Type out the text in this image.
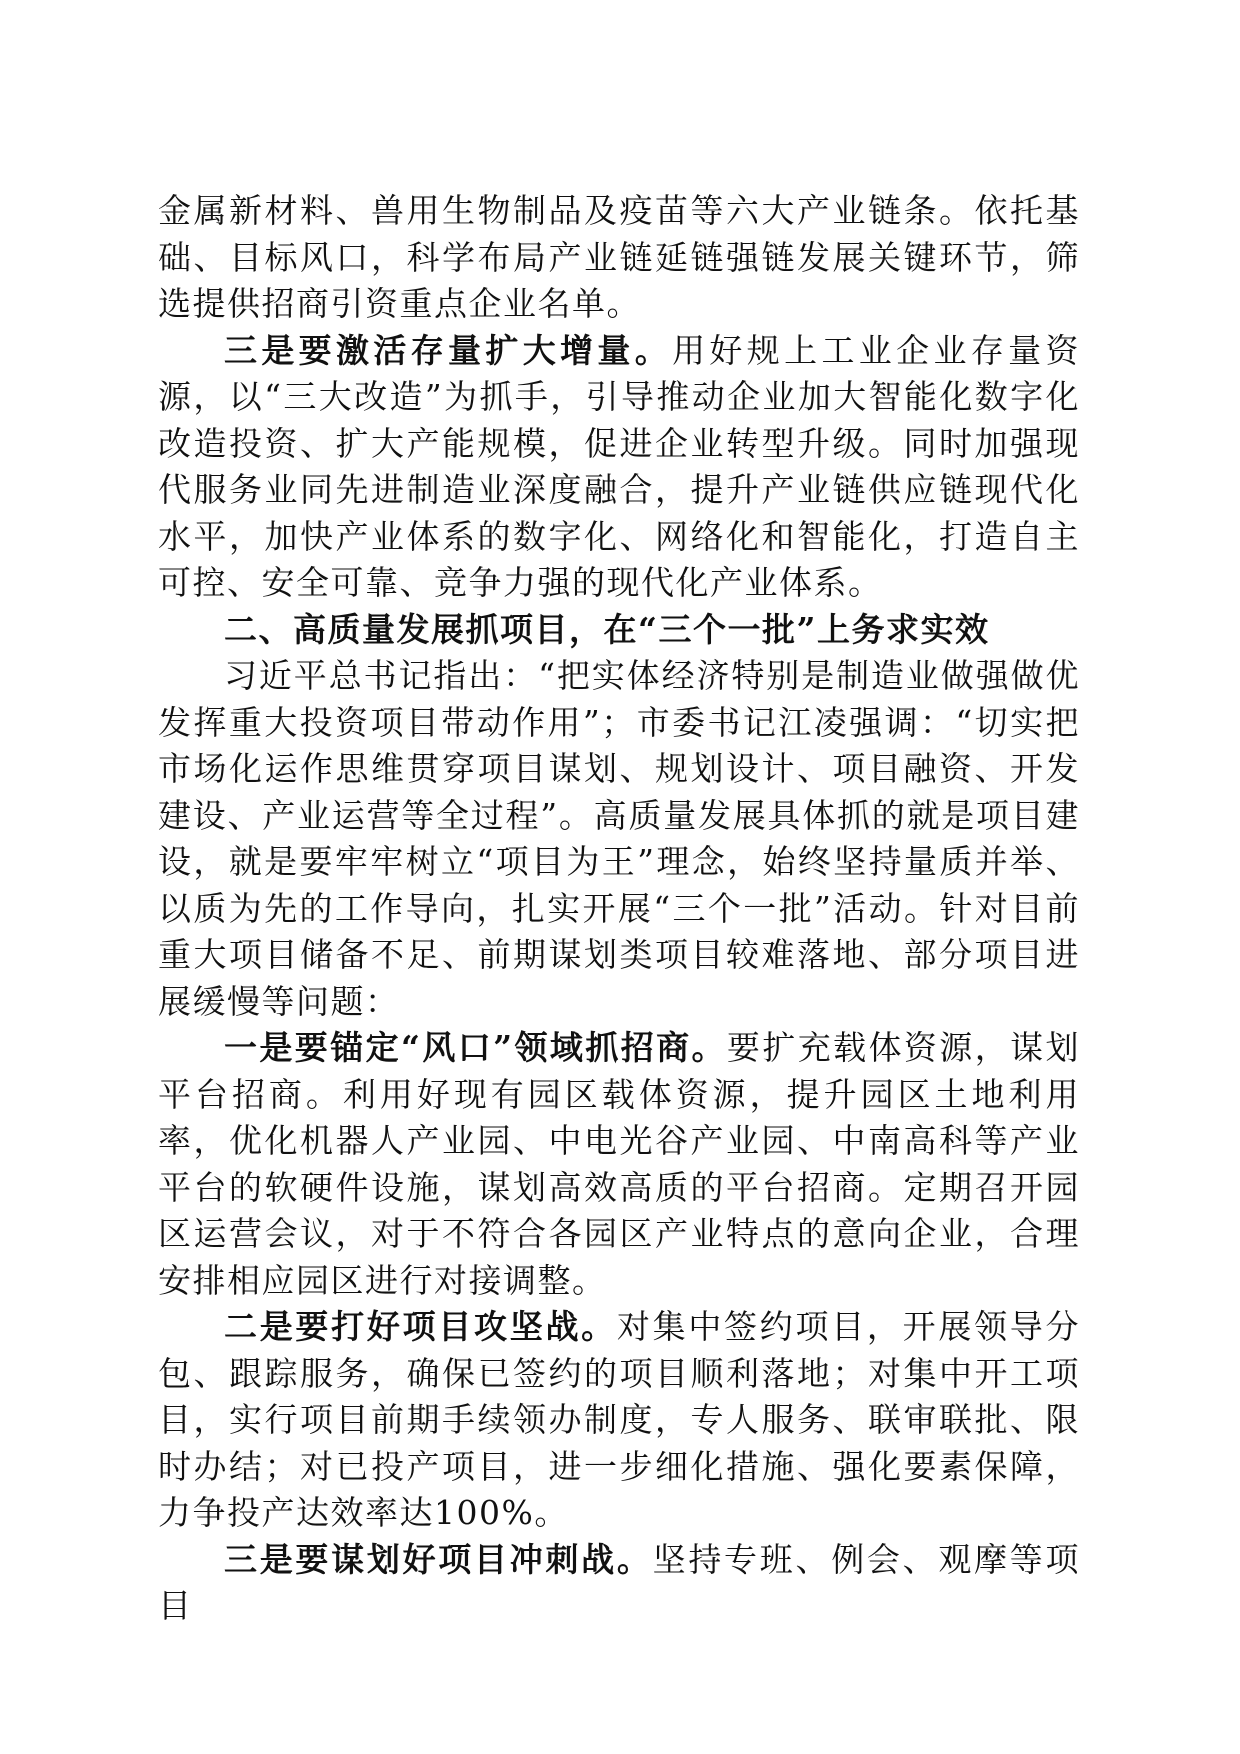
金属新材料、兽用生物制品及疫苗等六大产业链条。依托基础、目标风口，科学布局产业链延链强链发展关键环节，筛选提供招商引资重点企业名单。

三是要激活存量扩大增量。用好规上工业企业存量资源，以“三大改造”为抓手，引导推动企业加大智能化数字化改造投资、扩大产能规模，促进企业转型升级。同时加强现代服务业同先进制造业深度融合，提升产业链供应链现代化水平，加快产业体系的数字化、网络化和智能化，打造自主可控、安全可靠、竞争力强的现代化产业体系。

二、高质量发展抓项目，在“三个一批”上务求实效

习近平总书记指出：“把实体经济特别是制造业做强做优发挥重大投资项目带动作用”；市委书记江凌强调：“切实把市场化运作思维贯穿项目谋划、规划设计、项目融资、开发建设、产业运营等全过程”。高质量发展具体抓的就是项目建设，就是要牢牢树立“项目为王”理念，始终坚持量质并举、以质为先的工作导向，扎实开展“三个一批”活动。针对目前重大项目储备不足、前期谋划类项目较难落地、部分项目进展缓慢等问题：

一是要锚定“风口”领域抓招商。要扩充载体资源，谋划平台招商。利用好现有园区载体资源，提升园区土地利用率，优化机器人产业园、中电光谷产业园、中南高科等产业平台的软硬件设施，谋划高效高质的平台招商。定期召开园区运营会议，对于不符合各园区产业特点的意向企业，合理安排相应园区进行对接调整。

二是要打好项目攻坚战。对集中签约项目，开展领导分包、跟踪服务，确保已签约的项目顺利落地；对集中开工项目，实行项目前期手续领办制度，专人服务、联审联批、限时办结；对已投产项目，进一步细化措施、强化要素保障，力争投产达效率达100%。

三是要谋划好项目冲刺战。坚持专班、例会、观摩等项目
